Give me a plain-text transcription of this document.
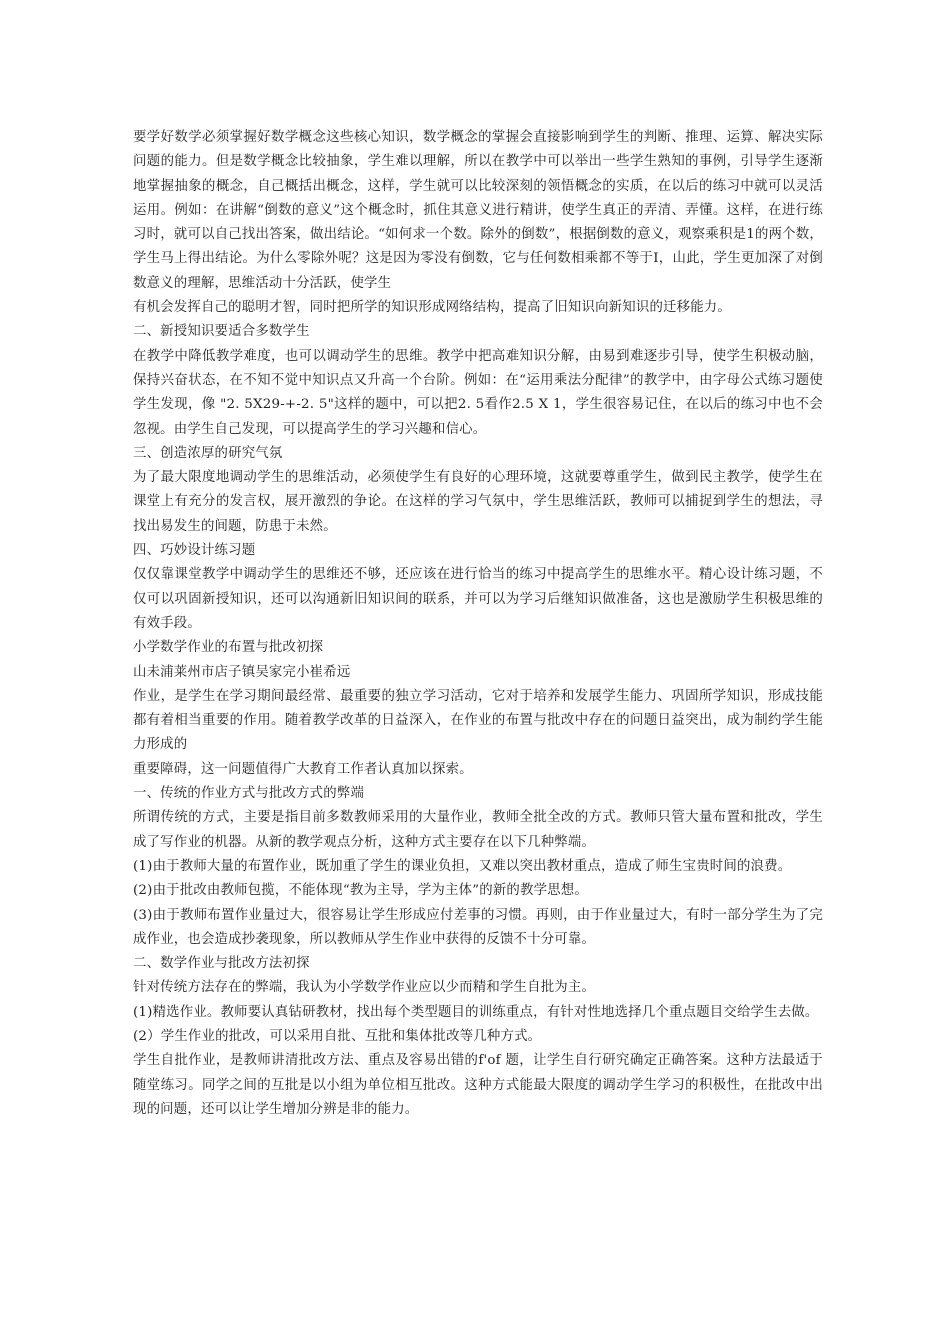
要学好数学必须掌握好数学概念这些核心知识，数学概念的掌握会直接影响到学生的判断、推理、运算、解决实际问题的能力。但是数学概念比较抽象，学生难以理解，所以在教学中可以举出一些学生熟知的事例，引导学生逐渐地掌握抽象的概念，自己概括出概念，这样，学生就可以比较深刻的领悟概念的实质，在以后的练习中就可以灵活运用。例如：在讲解“倒数的意义”这个概念时，抓住其意义进行精讲，使学生真正的弄清、弄懂。这样，在进行练习时，就可以自己找出答案，做出结论。“如何求一个数。除外的倒数”，根据倒数的意义，观察乘积是1的两个数，学生马上得出结论。为什么零除外呢？这是因为零没有倒数，它与任何数相乘都不等于I，山此，学生更加深了对倒数意义的理解，思维活动十分活跃，使学生

有机会发挥自己的聪明才智，同时把所学的知识形成网络结构，提高了旧知识向新知识的迁移能力。

二、新授知识要适合多数学生

在教学中降低教学难度，也可以调动学生的思维。教学中把高难知识分解，由易到难逐步引导，使学生积极动脑，保持兴奋状态，在不知不觉中知识点又升高一个台阶。例如：在“运用乘法分配律”的教学中，由字母公式练习题使学生发现，像 "2. 5X29-+-2. 5"这样的题中，可以把2. 5看作2.5 X 1，学生很容易记住，在以后的练习中也不会忽视。由学生自己发现，可以提高学生的学习兴趣和信心。

三、创造浓厚的研究气氛

为了最大限度地调动学生的思维活动，必须使学生有良好的心理环境，这就要尊重学生，做到民主教学，使学生在课堂上有充分的发言权，展开激烈的争论。在这样的学习气氛中，学生思维活跃，教师可以捕捉到学生的想法，寻找出易发生的间题，防患于未然。

四、巧妙设计练习题

仅仅靠课堂教学中调动学生的思维还不够，还应该在进行恰当的练习中提高学生的思维水平。精心设计练习题，不仅可以巩固新授知识，还可以沟通新旧知识间的联系，并可以为学习后继知识做准备，这也是激励学生积极思维的有效手段。

小学数学作业的布置与批改初探

山未浦莱州市店子镇吴家完小崔希远

作业，是学生在学习期间最经常、最重要的独立学习活动，它对于培养和发展学生能力、巩固所学知识，形成技能都有着相当重要的作用。随着教学改革的日益深入，在作业的布置与批改中存在的问题日益突出，成为制约学生能力形成的

重要障碍，这一问题值得广大教育工作者认真加以探索。

一、传统的作业方式与批改方式的弊端

所谓传统的方式，主要是指目前多数教师采用的大量作业，教师全批全改的方式。教师只管大量布置和批改，学生成了写作业的机器。从新的教学观点分析，这种方式主要存在以下几种弊端。

(1)由于教师大量的布置作业，既加重了学生的课业负担，又难以突出教材重点，造成了师生宝贵时间的浪费。

(2)由于批改由教师包揽，不能体现“教为主导，学为主体”的新的教学思想。

(3)由于教师布置作业量过大，很容易让学生形成应付差事的习惯。再则，由于作业量过大，有时一部分学生为了完成作业，也会造成抄袭现象，所以教师从学生作业中获得的反馈不十分可靠。

二、数学作业与批改方法初探

针对传统方法存在的弊端，我认为小学数学作业应以少而精和学生自批为主。

(1)精选作业。教师要认真钻研教材，找出每个类型题目的训练重点，有针对性地选择几个重点题目交给学生去做。

(2）学生作业的批改，可以采用自批、互批和集体批改等几种方式。

学生自批作业，是教师讲清批改方法、重点及容易出错的f'of 题，让学生自行研究确定正确答案。这种方法最适于随堂练习。同学之间的互批是以小组为单位相互批改。这种方式能最大限度的调动学生学习的积极性，在批改中出现的问题，还可以让学生增加分辨是非的能力。
